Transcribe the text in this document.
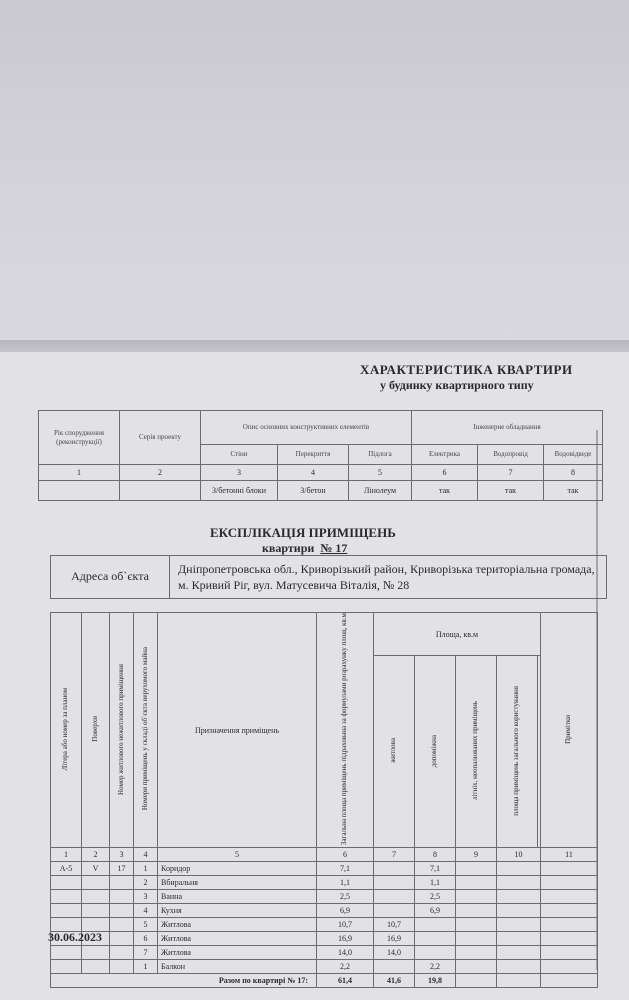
ХАРАКТЕРИСТИКА КВАРТИРИ
у будинку квартирного типу
Рік спорудження (реконструкції)	Серія проекту	Опис основних конструктивних елементів			Інженерне обладнання		
		Стіни	Перекриття	Підлога	Електрика	Водопровід	Водовідведе
1	2	3	4	5	6	7	8
		З/бетонні блоки	З/бетон	Лінолеум	так	так	так
ЕКСПЛІКАЦІЯ ПРИМІЩЕНЬ
квартири № 17
Адреса об`єкта	Дніпропетровська обл., Криворізький район, Криворізька територіальна громада, м. Кривий Ріг, вул. Матусевича Віталія, № 28
Літера або номер за планом	Поверхи	Номер житлового нежитлового приміщення	Номери приміщень у складі об`єкта нерухомого майна	Призначення приміщень	Загальна площа приміщень підрахована за формулами розрахунку площ, кв.м	Площа, кв.м					Примітки
						житлова	допоміжна	літніх, неопалюваних приміщень	площа приміщень загального користування		
1	2	3	4	5	6	7	8	9	10		11
А-5	V	17	1	Коридор	7,1		7,1				
			2	Вбиральня	1,1		1,1				
			3	Ванна	2,5		2,5				
			4	Кухня	6,9		6,9				
			5	Житлова	10,7	10,7					
			6	Житлова	16,9	16,9					
			7	Житлова	14,0	14,0					
			1	Балкон	2,2		2,2				
Разом по квартирі № 17:					61,4	41,6	19,8				
30.06.2023
